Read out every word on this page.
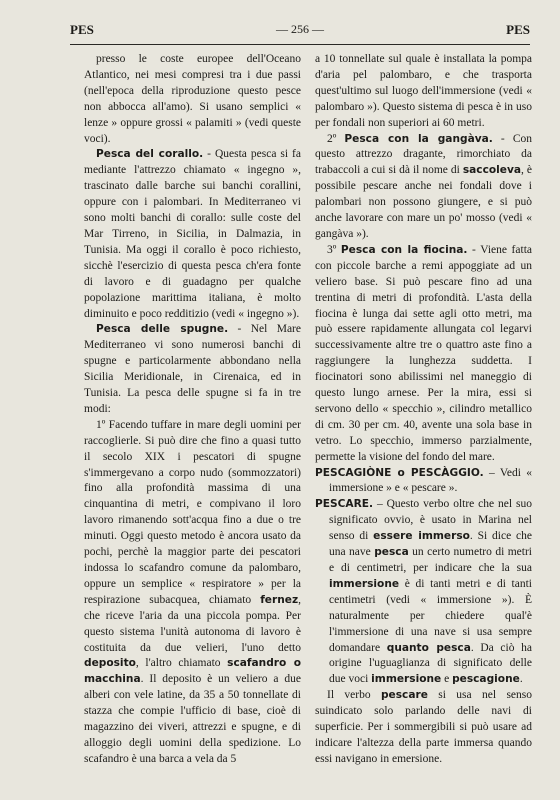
PES	— 256 —	PES

presso le coste europee dell'Oceano Atlantico, nei mesi compresi tra i due passi (nell'epoca della riproduzione questo pesce non abbocca all'amo). Si usano semplici « lenze » oppure grossi « palamiti » (vedi queste voci).

Pesca del corallo. - Questa pesca si fa mediante l'attrezzo chiamato « ingegno », trascinato dalle barche sui banchi corallini, oppure con i palombari. In Mediterraneo vi sono molti banchi di corallo: sulle coste del Mar Tirreno, in Sicilia, in Dalmazia, in Tunisia. Ma oggi il corallo è poco richiesto, sicchè l'esercizio di questa pesca ch'era fonte di lavoro e di guadagno per qualche popolazione marittima italiana, è molto diminuito e poco redditizio (vedi « ingegno »).

Pesca delle spugne. - Nel Mare Mediterraneo vi sono numerosi banchi di spugne e particolarmente abbondano nella Sicilia Meridionale, in Cirenaica, ed in Tunisia. La pesca delle spugne si fa in tre modi:

1º Facendo tuffare in mare degli uomini per raccoglierle. Si può dire che fino a quasi tutto il secolo XIX i pescatori di spugne s'immergevano a corpo nudo (sommozzatori) fino alla profondità massima di una cinquantina di metri, e compivano il loro lavoro rimanendo sott'acqua fino a due o tre minuti. Oggi questo metodo è ancora usato da pochi, perchè la maggior parte dei pescatori indossa lo scafandro comune da palombaro, oppure un semplice « respiratore » per la respirazione subacquea, chiamato fernez, che riceve l'aria da una piccola pompa. Per questo sistema l'unità autonoma di lavoro è costituita da due velieri, l'uno detto deposito, l'altro chiamato scafandro o macchina. Il deposito è un veliero a due alberi con vele latine, da 35 a 50 tonnellate di stazza che compie l'ufficio di base, cioè di magazzino dei viveri, attrezzi e spugne, e di alloggio degli uomini della spedizione. Lo scafandro è una barca a vela da 5

a 10 tonnellate sul quale è installata la pompa d'aria pel palombaro, e che trasporta quest'ultimo sul luogo dell'immersione (vedi « palombaro »). Questo sistema di pesca è in uso per fondali non superiori ai 60 metri.

2º Pesca con la gangàva. - Con questo attrezzo dragante, rimorchiato da trabaccoli a cui si dà il nome di saccoleva, è possibile pescare anche nei fondali dove i palombari non possono giungere, e si può anche lavorare con mare un po' mosso (vedi « gangàva »).

3º Pesca con la fiocina. - Viene fatta con piccole barche a remi appoggiate ad un veliero base. Si può pescare fino ad una trentina di metri di profondità. L'asta della fiocina è lunga dai sette agli otto metri, ma può essere rapidamente allungata col legarvi successivamente altre tre o quattro aste fino a raggiungere la lunghezza suddetta. I fiocinatori sono abilissimi nel maneggio di questo lungo arnese. Per la mira, essi si servono dello « specchio », cilindro metallico di cm. 30 per cm. 40, avente una sola base in vetro. Lo specchio, immerso parzialmente, permette la visione del fondo del mare.

PESCAGIÒNE o PESCÀGGIO. – Vedi « immersione » e « pescare ».

PESCARE. – Questo verbo oltre che nel suo significato ovvio, è usato in Marina nel senso di essere immerso. Si dice che una nave pesca un certo numetro di metri e di centimetri, per indicare che la sua immersione è di tanti metri e di tanti centimetri (vedi « immersione »). È naturalmente per chiedere qual'è l'immersione di una nave si usa sempre domandare quanto pesca. Da ciò ha origine l'uguaglianza di significato delle due voci immersione e pescagione.

Il verbo pescare si usa nel senso suindicato solo parlando delle navi di superficie. Per i sommergibili si può usare ad indicare l'altezza della parte immersa quando essi navigano in emersione.
